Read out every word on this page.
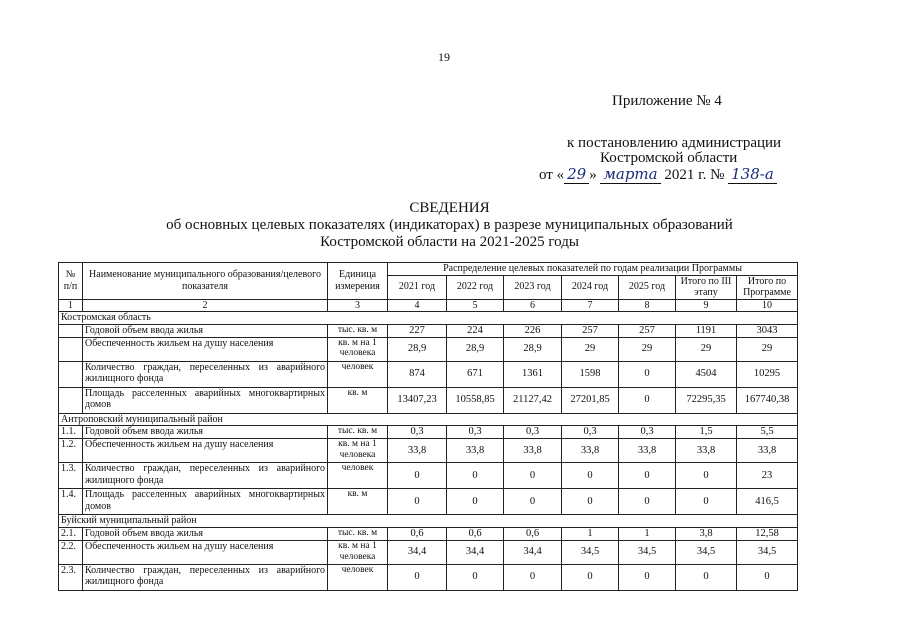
19
Приложение № 4
к постановлению администрации
Костромской области
от « 29 » марта 2021 г. № 138-а
СВЕДЕНИЯ
об основных целевых показателях (индикаторах) в разрезе муниципальных образований
Костромской области на 2021-2025 годы
№ п/п	Наименование муниципального образования/целевого показателя	Единица измерения	Распределение целевых показателей по годам реализации Программы						
			2021 год	2022 год	2023 год	2024 год	2025 год	Итого по III этапу	Итого по Программе
1	2	3	4	5	6	7	8	9	10
Костромская область									
	Годовой объем ввода жилья	тыс. кв. м	227	224	226	257	257	1191	3043
	Обеспеченность жильем на душу населения	кв. м на 1 человека	28,9	28,9	28,9	29	29	29	29
	Количество граждан, переселенных из аварийного жилищного фонда	человек	874	671	1361	1598	0	4504	10295
	Площадь расселенных аварийных многоквартирных домов	кв. м	13407,23	10558,85	21127,42	27201,85	0	72295,35	167740,38
Антроповский муниципальный район									
1.1.	Годовой объем ввода жилья	тыс. кв. м	0,3	0,3	0,3	0,3	0,3	1,5	5,5
1.2.	Обеспеченность жильем на душу населения	кв. м на 1 человека	33,8	33,8	33,8	33,8	33,8	33,8	33,8
1.3.	Количество граждан, переселенных из аварийного жилищного фонда	человек	0	0	0	0	0	0	23
1.4.	Площадь расселенных аварийных многоквартирных домов	кв. м	0	0	0	0	0	0	416,5
Буйский муниципальный район									
2.1.	Годовой объем ввода жилья	тыс. кв. м	0,6	0,6	0,6	1	1	3,8	12,58
2.2.	Обеспеченность жильем на душу населения	кв. м на 1 человека	34,4	34,4	34,4	34,5	34,5	34,5	34,5
2.3.	Количество граждан, переселенных из аварийного жилищного фонда	человек	0	0	0	0	0	0	0
